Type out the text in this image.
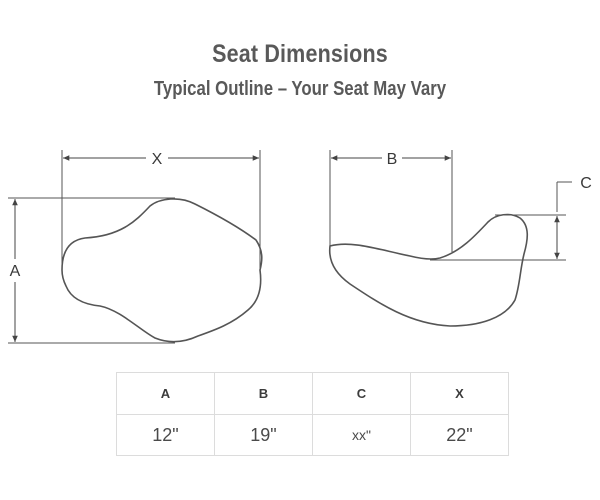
Seat Dimensions
Typical Outline – Your Seat May Vary
X
A
B
C
A	B	C	X
12"	19"	xx"	22"
